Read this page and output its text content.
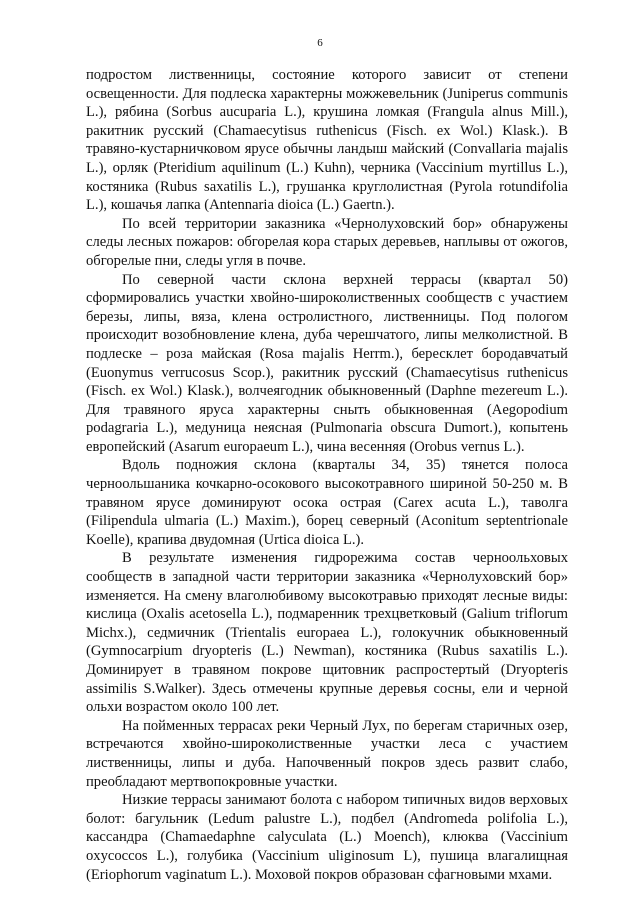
6

подростом лиственницы, состояние которого зависит от степени освещенности. Для подлеска характерны можжевельник (Juniperus communis L.), рябина (Sorbus aucuparia L.), крушина ломкая (Frangula alnus Mill.), ракитник русский (Chamaecytisus ruthenicus (Fisch. ex Wol.) Klask.). В травяно-кустарничковом ярусе обычны ландыш майский (Convallaria majalis L.), орляк (Pteridium aquilinum (L.) Kuhn), черника (Vaccinium myrtillus L.), костяника (Rubus saxatilis L.), грушанка круглолистная (Pyrola rotundifolia L.), кошачья лапка (Antennaria dioica (L.) Gaertn.).

По всей территории заказника «Чернолуховский бор» обнаружены следы лесных пожаров: обгорелая кора старых деревьев, наплывы от ожогов, обгорелые пни, следы угля в почве.

По северной части склона верхней террасы (квартал 50) сформировались участки хвойно-широколиственных сообществ с участием березы, липы, вяза, клена остролистного, лиственницы. Под пологом происходит возобновление клена, дуба черешчатого, липы мелколистной. В подлеске – роза майская (Rosa majalis Herrm.), бересклет бородавчатый (Euonymus verrucosus Scop.), ракитник русский (Chamaecytisus ruthenicus (Fisch. ex Wol.) Klask.), волчеягодник обыкновенный (Daphne mezereum L.). Для травяного яруса характерны сныть обыкновенная (Aegopodium podagraria L.), медуница неясная (Pulmonaria obscura Dumort.), копытень европейский (Asarum europaeum L.), чина весенняя (Orobus vernus L.).

Вдоль подножия склона (кварталы 34, 35) тянется полоса черноольшаника кочкарно-осокового высокотравного шириной 50-250 м. В травяном ярусе доминируют осока острая (Carex acuta L.), таволга (Filipendula ulmaria (L.) Maxim.), борец северный (Aconitum septentrionale Koelle), крапива двудомная (Urtica dioica L.).

В результате изменения гидрорежима состав черноольховых сообществ в западной части территории заказника «Чернолуховский бор» изменяется. На смену влаголюбивому высокотравью приходят лесные виды: кислица (Oxalis acetosella L.), подмаренник трехцветковый (Galium triflorum Michx.), седмичник (Trientalis europaea L.), голокучник обыкновенный (Gymnocarpium dryopteris (L.) Newman), костяника (Rubus saxatilis L.). Доминирует в травяном покрове щитовник распростертый (Dryopteris assimilis S.Walker). Здесь отмечены крупные деревья сосны, ели и черной ольхи возрастом около 100 лет.

На пойменных террасах реки Черный Лух, по берегам старичных озер, встречаются хвойно-широколиственные участки леса с участием лиственницы, липы и дуба. Напочвенный покров здесь развит слабо, преобладают мертвопокровные участки.

Низкие террасы занимают болота с набором типичных видов верховых болот: багульник (Ledum palustre L.), подбел (Andromeda polifolia L.), кассандра (Chamaedaphne calyculata (L.) Moench), клюква (Vaccinium oxycoccos L.), голубика (Vaccinium uliginosum L), пушица влагалищная (Eriophorum vaginatum L.). Моховой покров образован сфагновыми мхами.
